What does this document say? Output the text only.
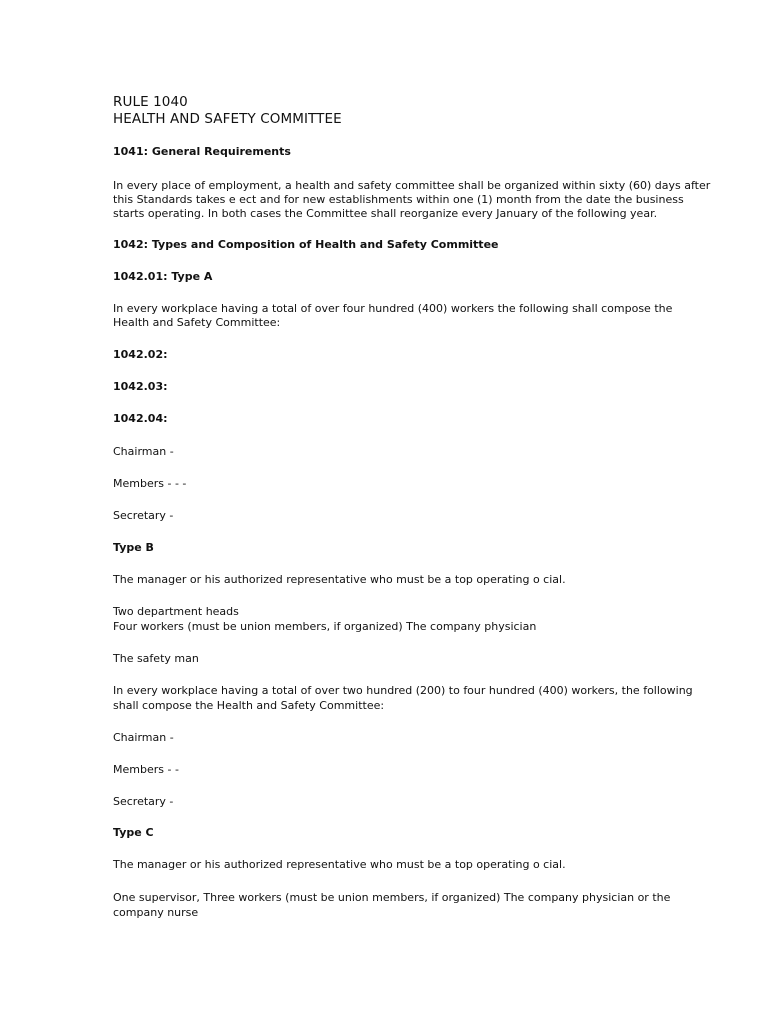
RULE 1040
HEALTH AND SAFETY COMMITTEE
1041: General Requirements
In every place of employment, a health and safety committee shall be organized within sixty (60) days after
this Standards takes e ect and for new establishments within one (1) month from the date the business
starts operating. In both cases the Committee shall reorganize every January of the following year.
1042: Types and Composition of Health and Safety Committee
1042.01: Type A
In every workplace having a total of over four hundred (400) workers the following shall compose the
Health and Safety Committee:
1042.02:
1042.03:
1042.04:
Chairman -
Members - - -
Secretary -
Type B
The manager or his authorized representative who must be a top operating o cial.
Two department heads
Four workers (must be union members, if organized) The company physician
The safety man
In every workplace having a total of over two hundred (200) to four hundred (400) workers, the following
shall compose the Health and Safety Committee:
Chairman -
Members - -
Secretary -
Type C
The manager or his authorized representative who must be a top operating o cial.
One supervisor, Three workers (must be union members, if organized) The company physician or the
company nurse
